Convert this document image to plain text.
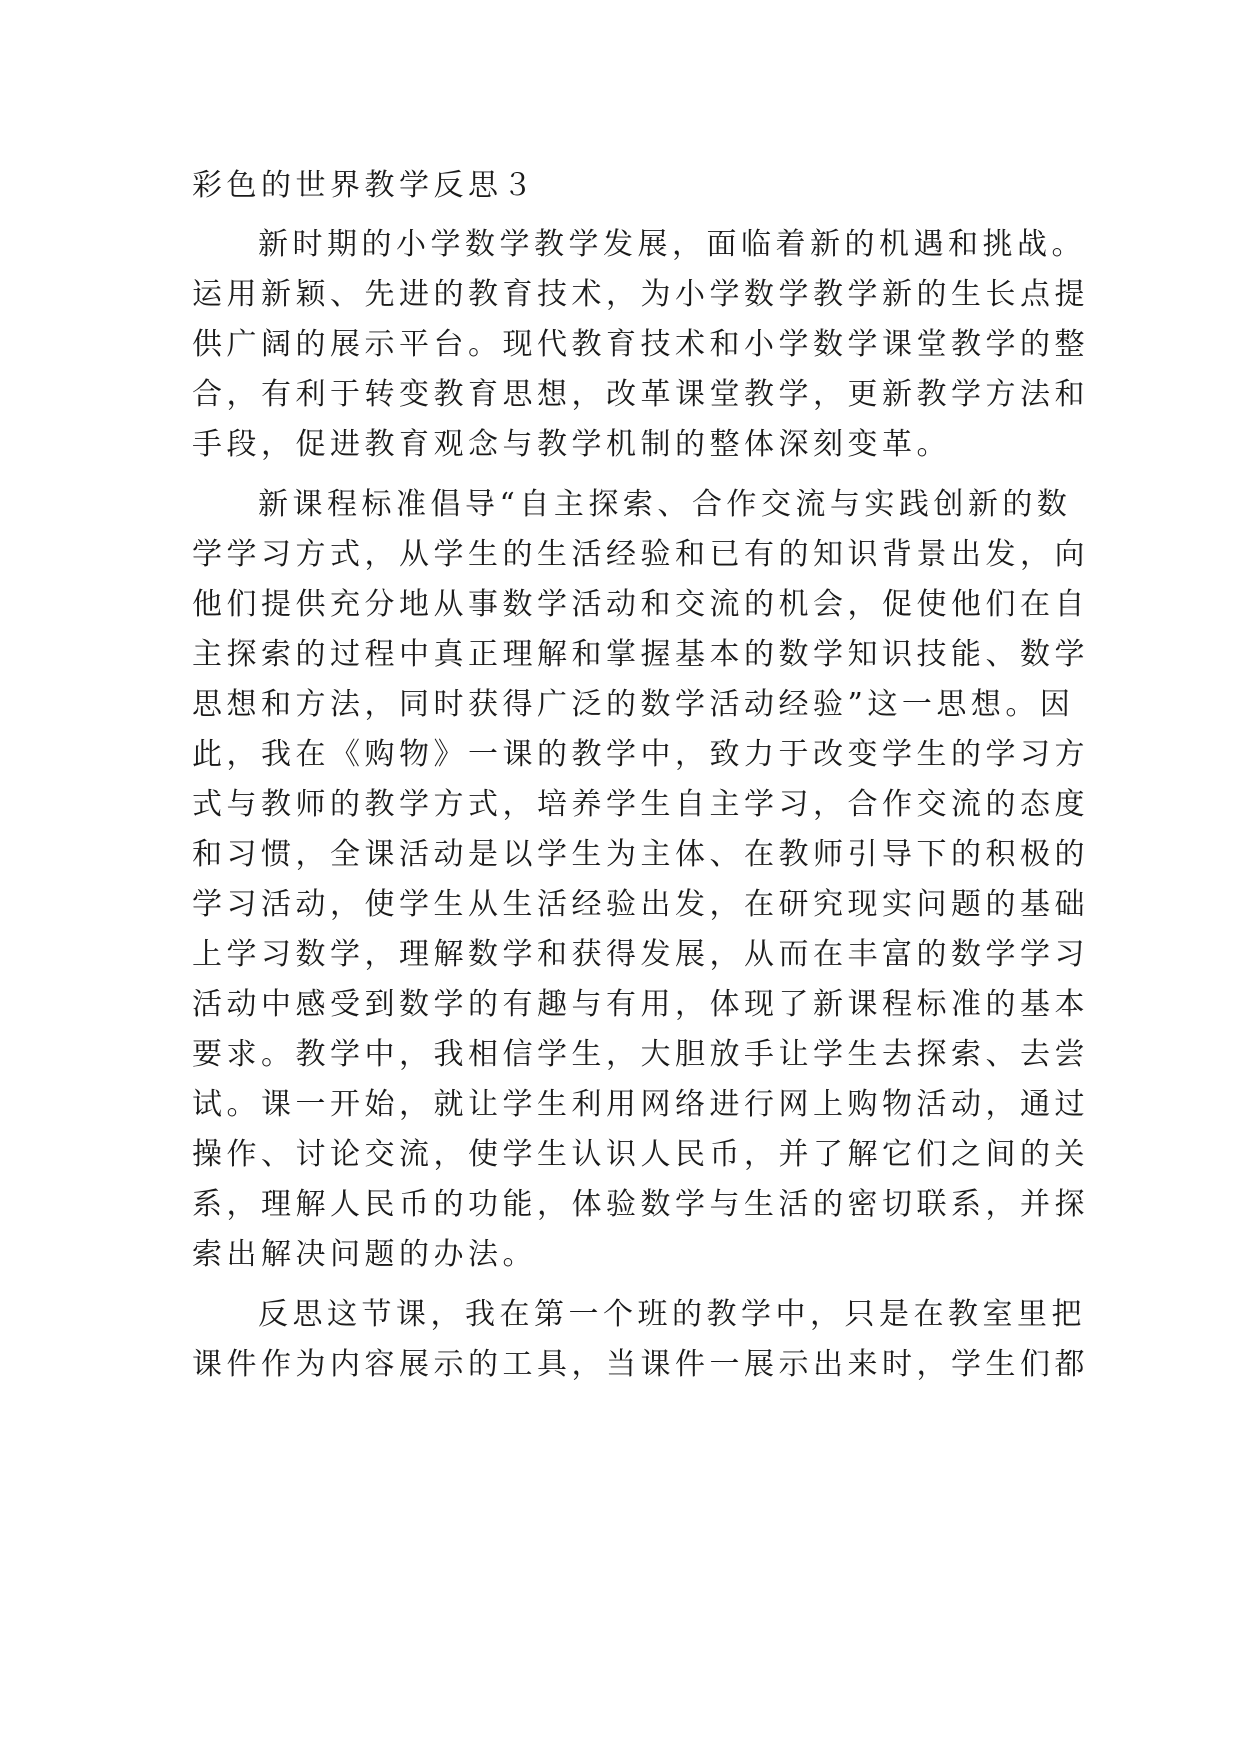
彩色的世界教学反思３
新时期的小学数学教学发展，面临着新的机遇和挑战。
运用新颖、先进的教育技术，为小学数学教学新的生长点提
供广阔的展示平台。现代教育技术和小学数学课堂教学的整
合，有利于转变教育思想，改革课堂教学，更新教学方法和
手段，促进教育观念与教学机制的整体深刻变革。
新课程标准倡导“自主探索、合作交流与实践创新的数
学学习方式，从学生的生活经验和已有的知识背景出发，向
他们提供充分地从事数学活动和交流的机会，促使他们在自
主探索的过程中真正理解和掌握基本的数学知识技能、数学
思想和方法，同时获得广泛的数学活动经验”这一思想。因
此，我在《购物》一课的教学中，致力于改变学生的学习方
式与教师的教学方式，培养学生自主学习，合作交流的态度
和习惯，全课活动是以学生为主体、在教师引导下的积极的
学习活动，使学生从生活经验出发，在研究现实问题的基础
上学习数学，理解数学和获得发展，从而在丰富的数学学习
活动中感受到数学的有趣与有用，体现了新课程标准的基本
要求。教学中，我相信学生，大胆放手让学生去探索、去尝
试。课一开始，就让学生利用网络进行网上购物活动，通过
操作、讨论交流，使学生认识人民币，并了解它们之间的关
系，理解人民币的功能，体验数学与生活的密切联系，并探
索出解决问题的办法。
反思这节课，我在第一个班的教学中，只是在教室里把
课件作为内容展示的工具，当课件一展示出来时，学生们都
